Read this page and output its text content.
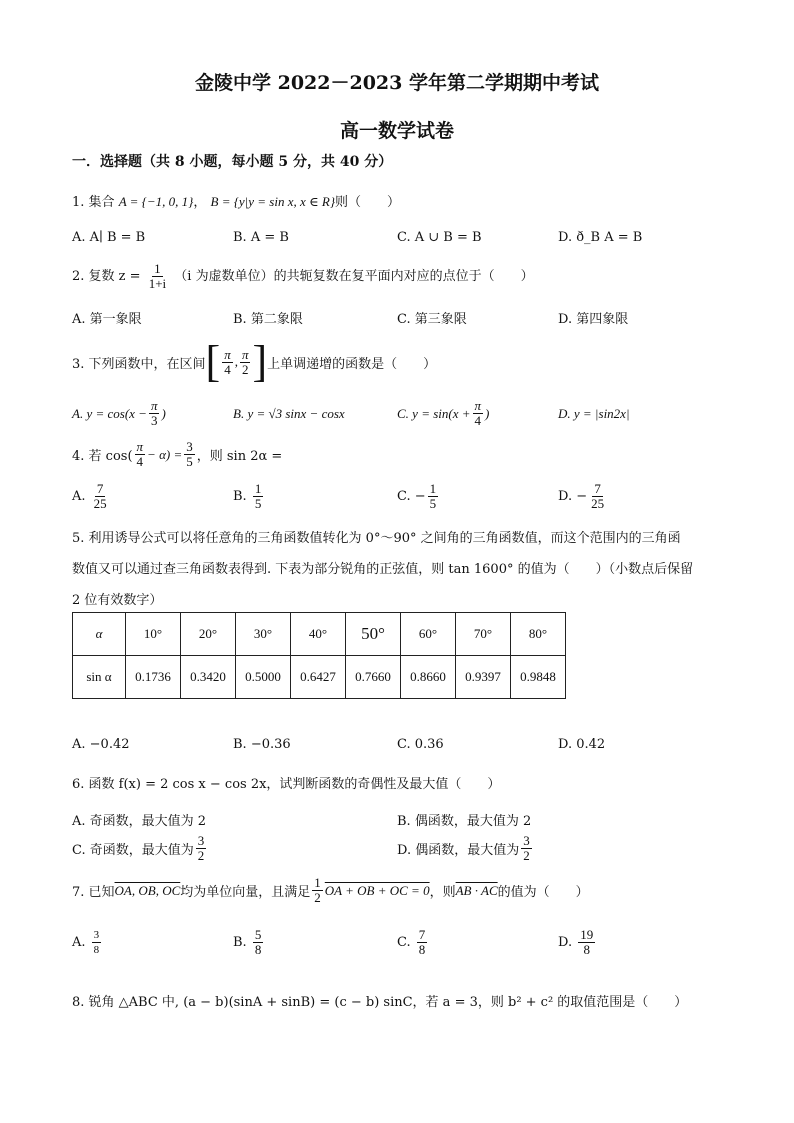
金陵中学 2022－2023 学年第二学期期中考试
高一数学试卷
一．选择题（共 8 小题，每小题 5 分，共 40 分）
1. 集合 A = {−1, 0, 1}， B = {y|y = sin x, x ∈ R}则（　　）
A. A∣ B = B	B. A = B	C. A ∪ B = B	D. ð_B A = B
2. 复数 $z = \frac{1}{1+i} (i$ 为虚数单位）的共轭复数在复平面内对应的点位于（　　）
A. 第一象限	B. 第二象限	C. 第三象限	D. 第四象限
3. 下列函数中，在区间 [ $\frac{\pi}{4}$ , $\frac{\pi}{2}$ ] 上单调递增的函数是（　　）
A. $y = \cos(x - \frac{\pi}{3}$ )	B. y = √3 sinx − cosx	C. $y = \sin(x + \frac{\pi}{4}$ )	D. y = |sin2x|
4. 若 $\cos( \frac{\pi}{4} - \alpha) = \frac{3}{5}$ ，则 sin 2α =
A.
$\frac{7}{25}$	B.
$\frac{1}{5}$	C.
− $\frac{1}{5}$	D.
− $\frac{7}{25}$
5. 利用诱导公式可以将任意角的三角函数值转化为 0°～90° 之间角的三角函数值，而这个范围内的三角函
数值又可以通过查三角函数表得到. 下表为部分锐角的正弦值，则 tan 1600° 的值为（　　）（小数点后保留
2 位有效数字）
α	10°	20°	30°	40°	50°	60°	70°	80°
sin α	0.1736	0.3420	0.5000	0.6427	0.7660	0.8660	0.9397	0.9848
A. −0.42	B. −0.36	C. 0.36	D. 0.42
6. 函数 f(x) = 2 cos x − cos 2x，试判断函数的奇偶性及最大值（　　）
A. 奇函数，最大值为 2	B. 偶函数，最大值为 2
C. 奇函数，最大值为 $\frac{3}{2}$	D. 偶函数，最大值为 $\frac{3}{2}$
7. 已知 OA, OB, OC 均为单位向量，且满足 $\frac{1}{2}$ OA + OB + OC = 0 ，则 AB · AC 的值为（　　）
A.
$\frac{3}{8}$	B.
$\frac{5}{8}$	C.
$\frac{7}{8}$	D.
$\frac{19}{8}$
8. 锐角 △ABC 中, (a − b)(sinA + sinB) = (c − b) sinC，若 a = 3，则 b² + c² 的取值范围是（　　）
